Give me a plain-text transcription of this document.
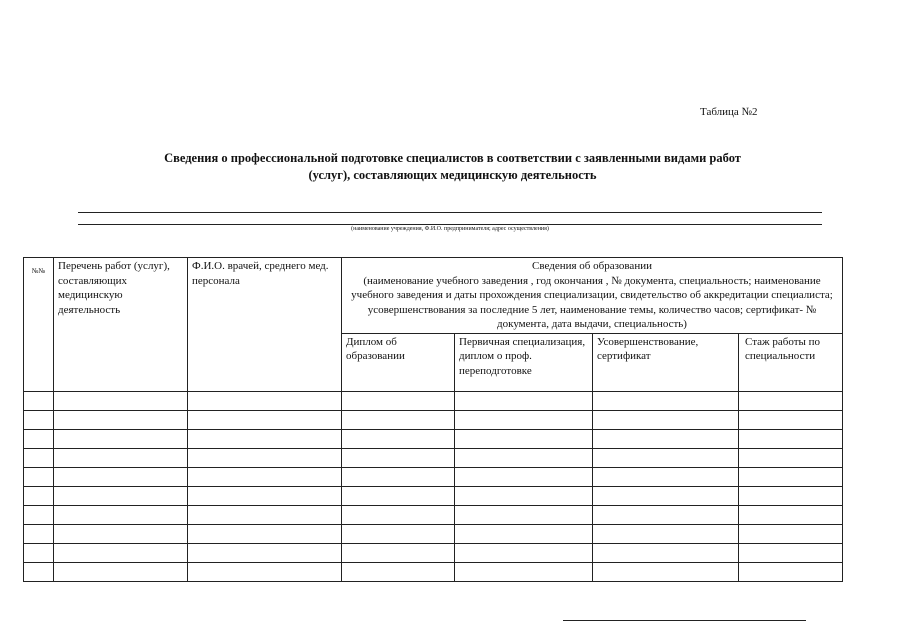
Таблица №2
Сведения о профессиональной подготовке специалистов в соответствии с заявленными видами работ
(услуг), составляющих медицинскую деятельность
(наименование учреждения, Ф.И.О. предпринимателя; адрес осуществления)
№№	Перечень работ (услуг), составляющих медицинскую деятельность	Ф.И.О. врачей, среднего мед. персонала	Сведения об образовании
(наименование учебного заведения , год окончания , № документа, специальность; наименование учебного заведения и даты прохождения специализации, свидетельство об аккредитации специалиста; усовершенствования за последние 5 лет, наименование темы, количество часов; сертификат- № документа, дата выдачи, специальность)			

			Диплом об образовании	Первичная специализация, диплом о проф. переподготовке	Усовершенствование, сертификат	Стаж работы по специальности
